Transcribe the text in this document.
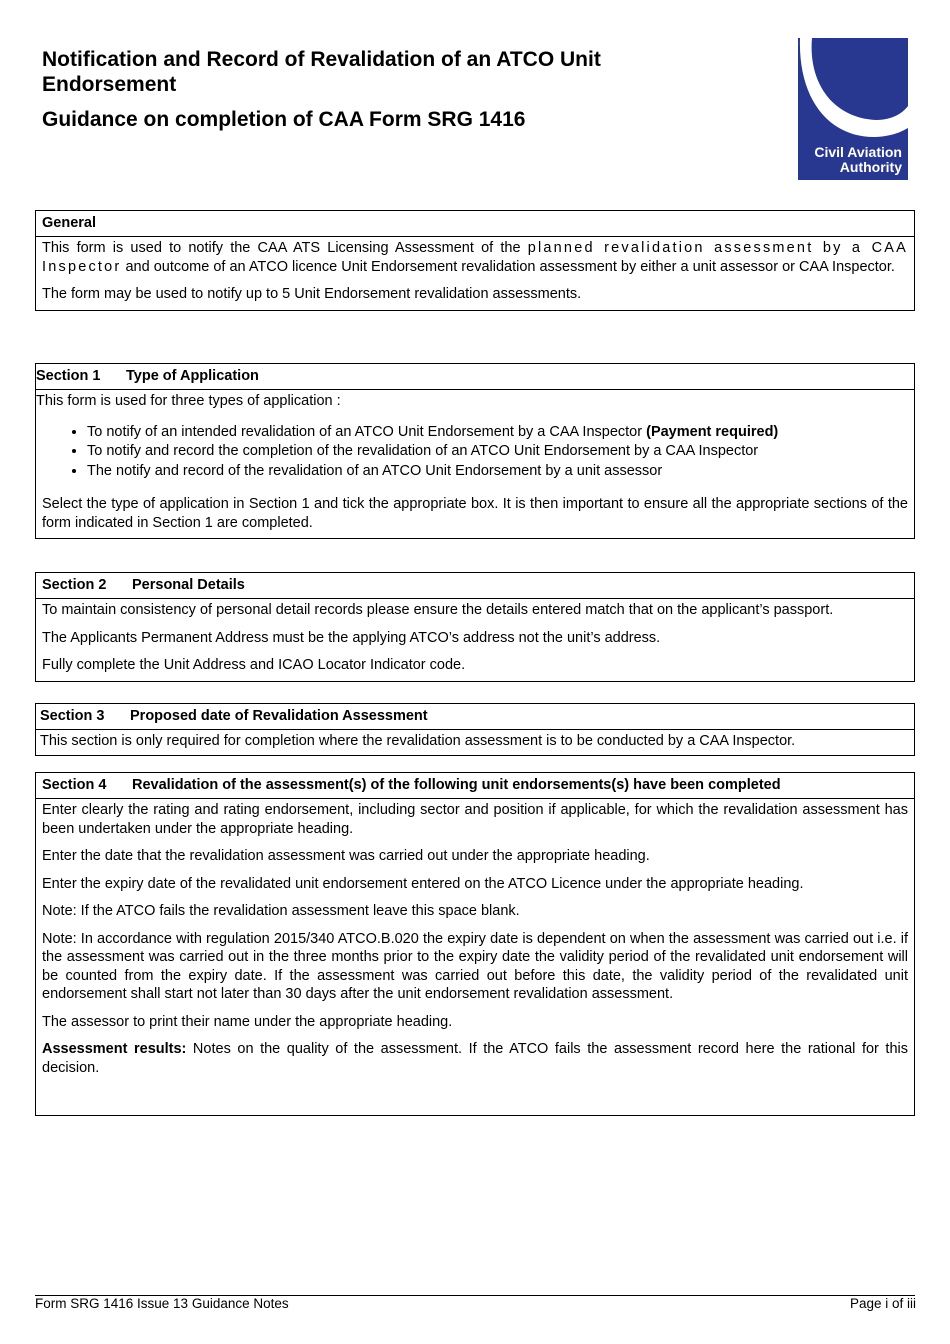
Notification and Record of Revalidation of an ATCO Unit Endorsement
Guidance on completion of CAA Form SRG 1416
Civil Aviation
Authority
General

This form is used to notify the CAA ATS Licensing Assessment of the planned revalidation assessment by a CAA Inspector and outcome of an ATCO licence Unit Endorsement revalidation assessment by either a unit assessor or CAA Inspector.

The form may be used to notify up to 5 Unit Endorsement revalidation assessments.

Section 1 Type of Application

This form is used for three types of application :

• To notify of an intended revalidation of an ATCO Unit Endorsement by a CAA Inspector (Payment required)
• To notify and record the completion of the revalidation of an ATCO Unit Endorsement by a CAA Inspector
• The notify and record of the revalidation of an ATCO Unit Endorsement by a unit assessor

Select the type of application in Section 1 and tick the appropriate box. It is then important to ensure all the appropriate sections of the form indicated in Section 1 are completed.

Section 2 Personal Details

To maintain consistency of personal detail records please ensure the details entered match that on the applicant’s passport.

The Applicants Permanent Address must be the applying ATCO’s address not the unit’s address.

Fully complete the Unit Address and ICAO Locator Indicator code.

Section 3 Proposed date of Revalidation Assessment

This section is only required for completion where the revalidation assessment is to be conducted by a CAA Inspector.

Section 4 Revalidation of the assessment(s) of the following unit endorsements(s) have been completed

Enter clearly the rating and rating endorsement, including sector and position if applicable, for which the revalidation assessment has been undertaken under the appropriate heading.

Enter the date that the revalidation assessment was carried out under the appropriate heading.

Enter the expiry date of the revalidated unit endorsement entered on the ATCO Licence under the appropriate heading.

Note: If the ATCO fails the revalidation assessment leave this space blank.

Note: In accordance with regulation 2015/340 ATCO.B.020 the expiry date is dependent on when the assessment was carried out i.e. if the assessment was carried out in the three months prior to the expiry date the validity period of the revalidated unit endorsement will be counted from the expiry date. If the assessment was carried out before this date, the validity period of the revalidated unit endorsement shall start not later than 30 days after the unit endorsement revalidation assessment.

The assessor to print their name under the appropriate heading.

Assessment results: Notes on the quality of the assessment. If the ATCO fails the assessment record here the rational for this decision.

Form SRG 1416 Issue 13 Guidance Notes	Page i of iii
